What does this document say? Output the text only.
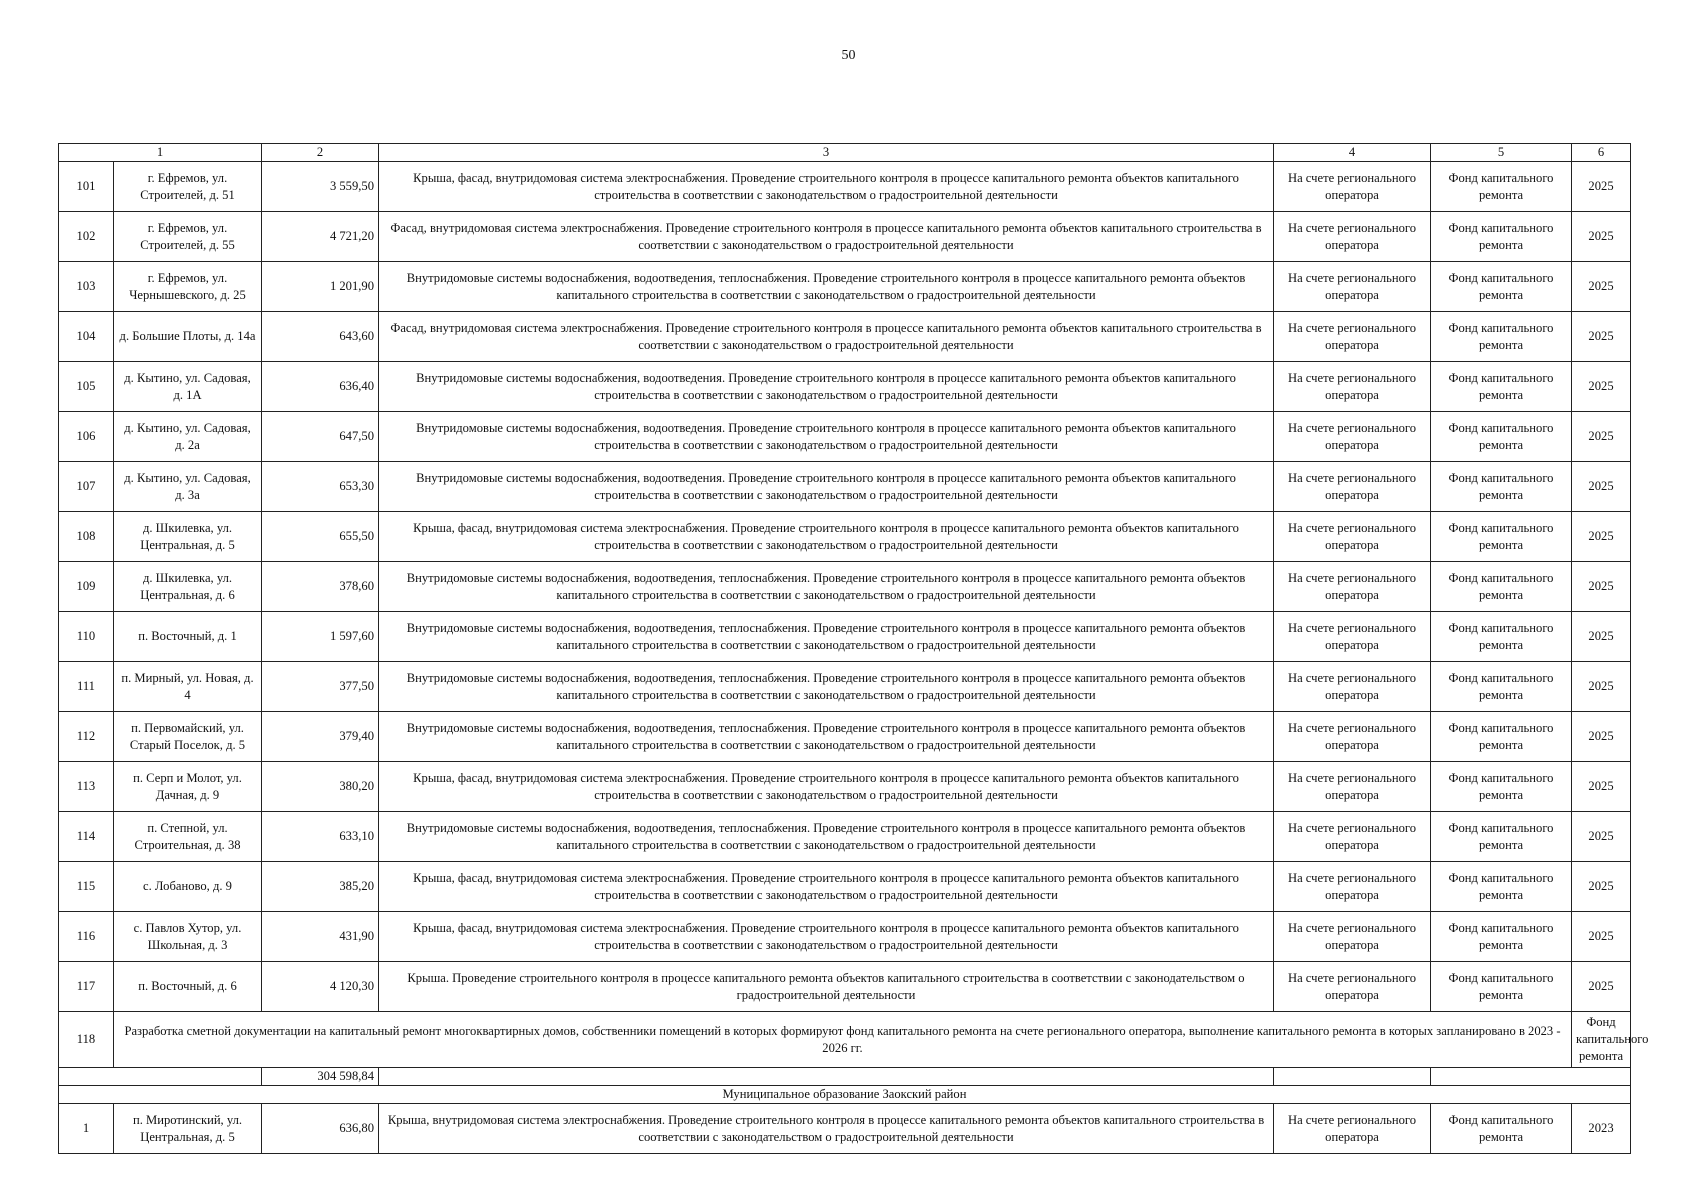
50
1		2	3	4	5	6
101	г. Ефремов, ул. Строителей, д. 51	3 559,50	Крыша, фасад, внутридомовая система электроснабжения. Проведение строительного контроля в процессе капитального ремонта объектов капитального строительства в соответствии с законодательством о градостроительной деятельности	На счете регионального оператора	Фонд капитального ремонта	2025
102	г. Ефремов, ул. Строителей, д. 55	4 721,20	Фасад, внутридомовая система электроснабжения. Проведение строительного контроля в процессе капитального ремонта объектов капитального строительства в соответствии с законодательством о градостроительной деятельности	На счете регионального оператора	Фонд капитального ремонта	2025
103	г. Ефремов, ул. Чернышевского, д. 25	1 201,90	Внутридомовые системы водоснабжения, водоотведения, теплоснабжения. Проведение строительного контроля в процессе капитального ремонта объектов капитального строительства в соответствии с законодательством о градостроительной деятельности	На счете регионального оператора	Фонд капитального ремонта	2025
104	д. Большие Плоты, д. 14а	643,60	Фасад, внутридомовая система электроснабжения. Проведение строительного контроля в процессе капитального ремонта объектов капитального строительства в соответствии с законодательством о градостроительной деятельности	На счете регионального оператора	Фонд капитального ремонта	2025
105	д. Кытино, ул. Садовая, д. 1А	636,40	Внутридомовые системы водоснабжения, водоотведения. Проведение строительного контроля в процессе капитального ремонта объектов капитального строительства в соответствии с законодательством о градостроительной деятельности	На счете регионального оператора	Фонд капитального ремонта	2025
106	д. Кытино, ул. Садовая, д. 2а	647,50	Внутридомовые системы водоснабжения, водоотведения. Проведение строительного контроля в процессе капитального ремонта объектов капитального строительства в соответствии с законодательством о градостроительной деятельности	На счете регионального оператора	Фонд капитального ремонта	2025
107	д. Кытино, ул. Садовая, д. 3а	653,30	Внутридомовые системы водоснабжения, водоотведения. Проведение строительного контроля в процессе капитального ремонта объектов капитального строительства в соответствии с законодательством о градостроительной деятельности	На счете регионального оператора	Фонд капитального ремонта	2025
108	д. Шкилевка, ул. Центральная, д. 5	655,50	Крыша, фасад, внутридомовая система электроснабжения. Проведение строительного контроля в процессе капитального ремонта объектов капитального строительства в соответствии с законодательством о градостроительной деятельности	На счете регионального оператора	Фонд капитального ремонта	2025
109	д. Шкилевка, ул. Центральная, д. 6	378,60	Внутридомовые системы водоснабжения, водоотведения, теплоснабжения. Проведение строительного контроля в процессе капитального ремонта объектов капитального строительства в соответствии с законодательством о градостроительной деятельности	На счете регионального оператора	Фонд капитального ремонта	2025
110	п. Восточный, д. 1	1 597,60	Внутридомовые системы водоснабжения, водоотведения, теплоснабжения. Проведение строительного контроля в процессе капитального ремонта объектов капитального строительства в соответствии с законодательством о градостроительной деятельности	На счете регионального оператора	Фонд капитального ремонта	2025
111	п. Мирный, ул. Новая, д. 4	377,50	Внутридомовые системы водоснабжения, водоотведения, теплоснабжения. Проведение строительного контроля в процессе капитального ремонта объектов капитального строительства в соответствии с законодательством о градостроительной деятельности	На счете регионального оператора	Фонд капитального ремонта	2025
112	п. Первомайский, ул. Старый Поселок, д. 5	379,40	Внутридомовые системы водоснабжения, водоотведения, теплоснабжения. Проведение строительного контроля в процессе капитального ремонта объектов капитального строительства в соответствии с законодательством о градостроительной деятельности	На счете регионального оператора	Фонд капитального ремонта	2025
113	п. Серп и Молот, ул. Дачная, д. 9	380,20	Крыша, фасад, внутридомовая система электроснабжения. Проведение строительного контроля в процессе капитального ремонта объектов капитального строительства в соответствии с законодательством о градостроительной деятельности	На счете регионального оператора	Фонд капитального ремонта	2025
114	п. Степной, ул. Строительная, д. 38	633,10	Внутридомовые системы водоснабжения, водоотведения, теплоснабжения. Проведение строительного контроля в процессе капитального ремонта объектов капитального строительства в соответствии с законодательством о градостроительной деятельности	На счете регионального оператора	Фонд капитального ремонта	2025
115	с. Лобаново, д. 9	385,20	Крыша, фасад, внутридомовая система электроснабжения. Проведение строительного контроля в процессе капитального ремонта объектов капитального строительства в соответствии с законодательством о градостроительной деятельности	На счете регионального оператора	Фонд капитального ремонта	2025
116	с. Павлов Хутор, ул. Школьная, д. 3	431,90	Крыша, фасад, внутридомовая система электроснабжения. Проведение строительного контроля в процессе капитального ремонта объектов капитального строительства в соответствии с законодательством о градостроительной деятельности	На счете регионального оператора	Фонд капитального ремонта	2025
117	п. Восточный, д. 6	4 120,30	Крыша. Проведение строительного контроля в процессе капитального ремонта объектов капитального строительства в соответствии с законодательством о градостроительной деятельности	На счете регионального оператора	Фонд капитального ремонта	2025
118	Разработка сметной документации на капитальный ремонт многоквартирных домов, собственники помещений в которых формируют фонд капитального ремонта на счете регионального оператора, выполнение капитального ремонта в которых запланировано в 2023 - 2026 гг.					Фонд капитального ремонта
		304 598,84				
Муниципальное образование Заокский район						
1	п. Миротинский, ул. Центральная, д. 5	636,80	Крыша, внутридомовая система электроснабжения. Проведение строительного контроля в процессе капитального ремонта объектов капитального строительства в соответствии с законодательством о градостроительной деятельности	На счете регионального оператора	Фонд капитального ремонта	2023
